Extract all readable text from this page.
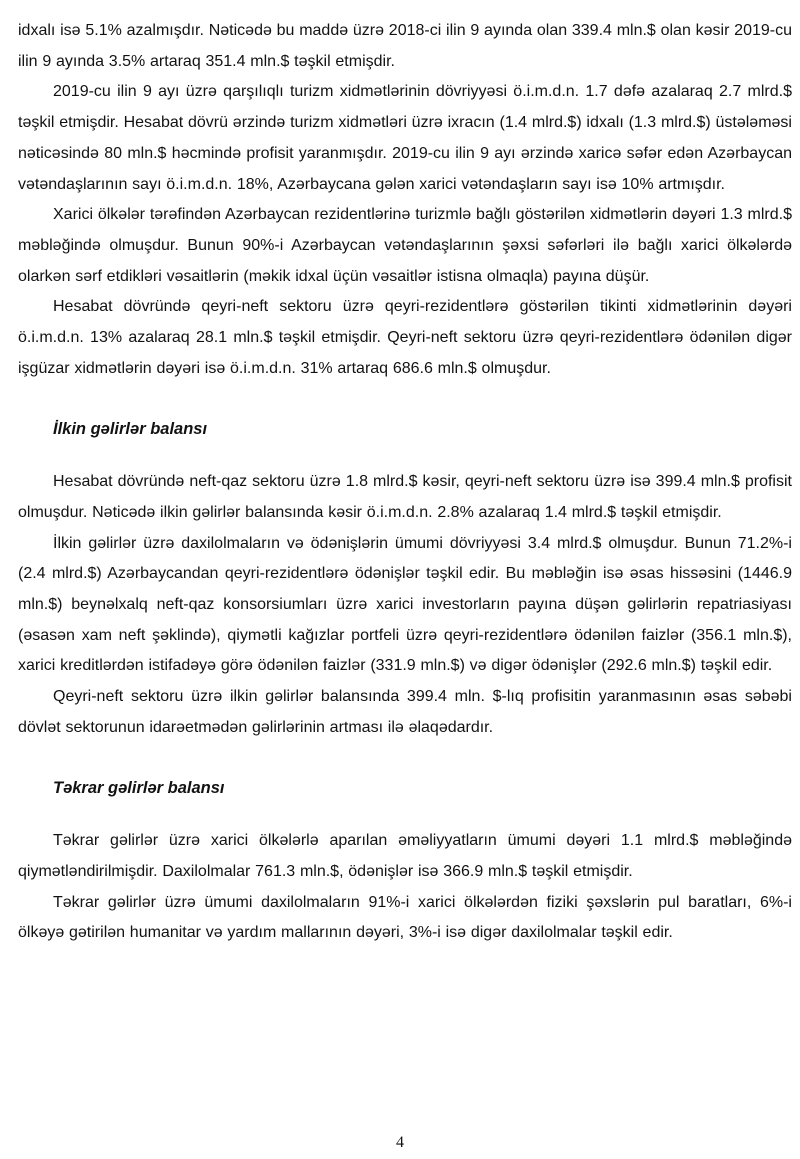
idxalı isə 5.1% azalmışdır. Nəticədə bu maddə üzrə 2018-ci ilin 9 ayında olan 339.4 mln.$ olan kəsir 2019-cu ilin 9 ayında 3.5% artaraq 351.4 mln.$ təşkil etmişdir.

2019-cu ilin 9 ayı üzrə qarşılıqlı turizm xidmətlərinin dövriyyəsi ö.i.m.d.n. 1.7 dəfə azalaraq 2.7 mlrd.$ təşkil etmişdir. Hesabat dövrü ərzində turizm xidmətləri üzrə ixracın (1.4 mlrd.$) idxalı (1.3 mlrd.$) üstələməsi nəticəsində 80 mln.$ həcmində profisit yaranmışdır. 2019-cu ilin 9 ayı ərzində xaricə səfər edən Azərbaycan vətəndaşlarının sayı ö.i.m.d.n. 18%, Azərbaycana gələn xarici vətəndaşların sayı isə 10% artmışdır.

Xarici ölkələr tərəfindən Azərbaycan rezidentlərinə turizmlə bağlı göstərilən xidmətlərin dəyəri 1.3 mlrd.$ məbləğində olmuşdur. Bunun 90%-i Azərbaycan vətəndaşlarının şəxsi səfərləri ilə bağlı xarici ölkələrdə olarkən sərf etdikləri vəsaitlərin (məkik idxal üçün vəsaitlər istisna olmaqla) payına düşür.

Hesabat dövründə qeyri-neft sektoru üzrə qeyri-rezidentlərə göstərilən tikinti xidmətlərinin dəyəri ö.i.m.d.n. 13% azalaraq 28.1 mln.$ təşkil etmişdir. Qeyri-neft sektoru üzrə qeyri-rezidentlərə ödənilən digər işgüzar xidmətlərin dəyəri isə ö.i.m.d.n. 31% artaraq 686.6 mln.$ olmuşdur.

İlkin gəlirlər balansı

Hesabat dövründə neft-qaz sektoru üzrə 1.8 mlrd.$ kəsir, qeyri-neft sektoru üzrə isə 399.4 mln.$ profisit olmuşdur. Nəticədə ilkin gəlirlər balansında kəsir ö.i.m.d.n. 2.8% azalaraq 1.4 mlrd.$ təşkil etmişdir.

İlkin gəlirlər üzrə daxilolmaların və ödənişlərin ümumi dövriyyəsi 3.4 mlrd.$ olmuşdur. Bunun 71.2%-i (2.4 mlrd.$) Azərbaycandan qeyri-rezidentlərə ödənişlər təşkil edir. Bu məbləğin isə əsas hissəsini (1446.9 mln.$) beynəlxalq neft-qaz konsorsiumları üzrə xarici investorların payına düşən gəlirlərin repatriasiyası (əsasən xam neft şəklində), qiymətli kağızlar portfeli üzrə qeyri-rezidentlərə ödənilən faizlər (356.1 mln.$), xarici kreditlərdən istifadəyə görə ödənilən faizlər (331.9 mln.$) və digər ödənişlər (292.6 mln.$) təşkil edir.

Qeyri-neft sektoru üzrə ilkin gəlirlər balansında 399.4 mln. $-lıq profisitin yaranmasının əsas səbəbi dövlət sektorunun idarəetmədən gəlirlərinin artması ilə əlaqədardır.

Təkrar gəlirlər balansı

Təkrar gəlirlər üzrə xarici ölkələrlə aparılan əməliyyatların ümumi dəyəri 1.1 mlrd.$ məbləğində qiymətləndirilmişdir. Daxilolmalar 761.3 mln.$, ödənişlər isə 366.9 mln.$ təşkil etmişdir.

Təkrar gəlirlər üzrə ümumi daxilolmaların 91%-i xarici ölkələrdən fiziki şəxslərin pul baratları, 6%-i ölkəyə gətirilən humanitar və yardım mallarının dəyəri, 3%-i isə digər daxilolmalar təşkil edir.

4
